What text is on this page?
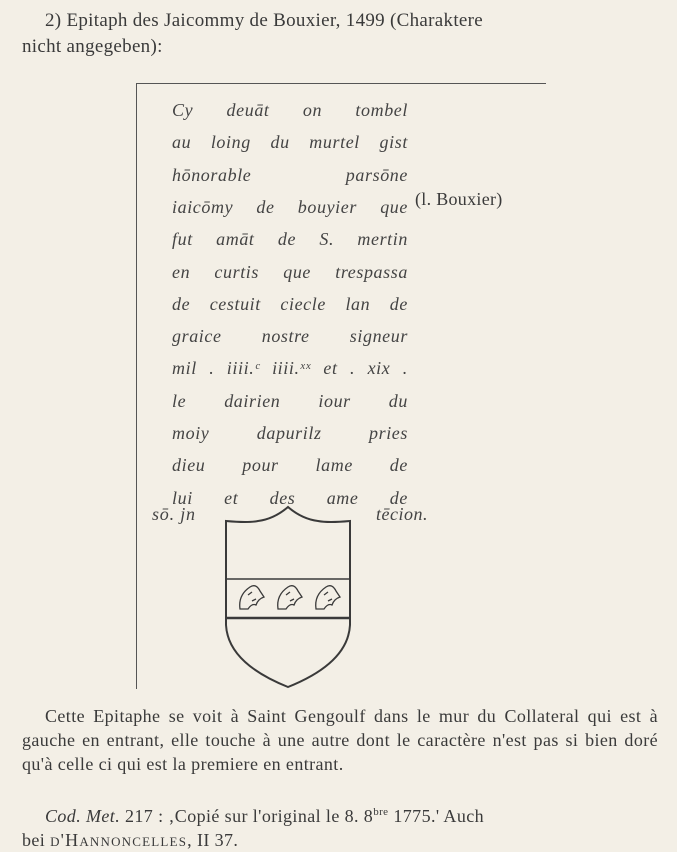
2) Epitaph des Jaicommy de Bouxier, 1499 (Charaktere
nicht angegeben):
Cy deuāt on tombel
au loing du murtel gist
hōnorable	parsōne
iaicōmy de bouyier que
fut amāt de S. mertin
en curtis que trespassa
de cestuit ciecle lan de
graice nostre signeur
mil . iiii.ᶜ iiii.ˣˣ et . xix .
le dairien iour du
moiy	dapurilz	pries
dieu pour lame de
lui et des ame de
(l. Bouxier)
sō. jn	tēcion.

Cette Epitaphe se voit à Saint Gengoulf dans le mur du Collateral qui est à gauche en entrant, elle touche à une autre dont le caractère n'est pas si bien doré qu'à celle ci qui est la premiere en entrant.

Cod. Met. 217 : ‚Copié sur l'original le 8. $8^{bre}$ 1775.' Auch
bei d'Hannoncelles, II 37.
